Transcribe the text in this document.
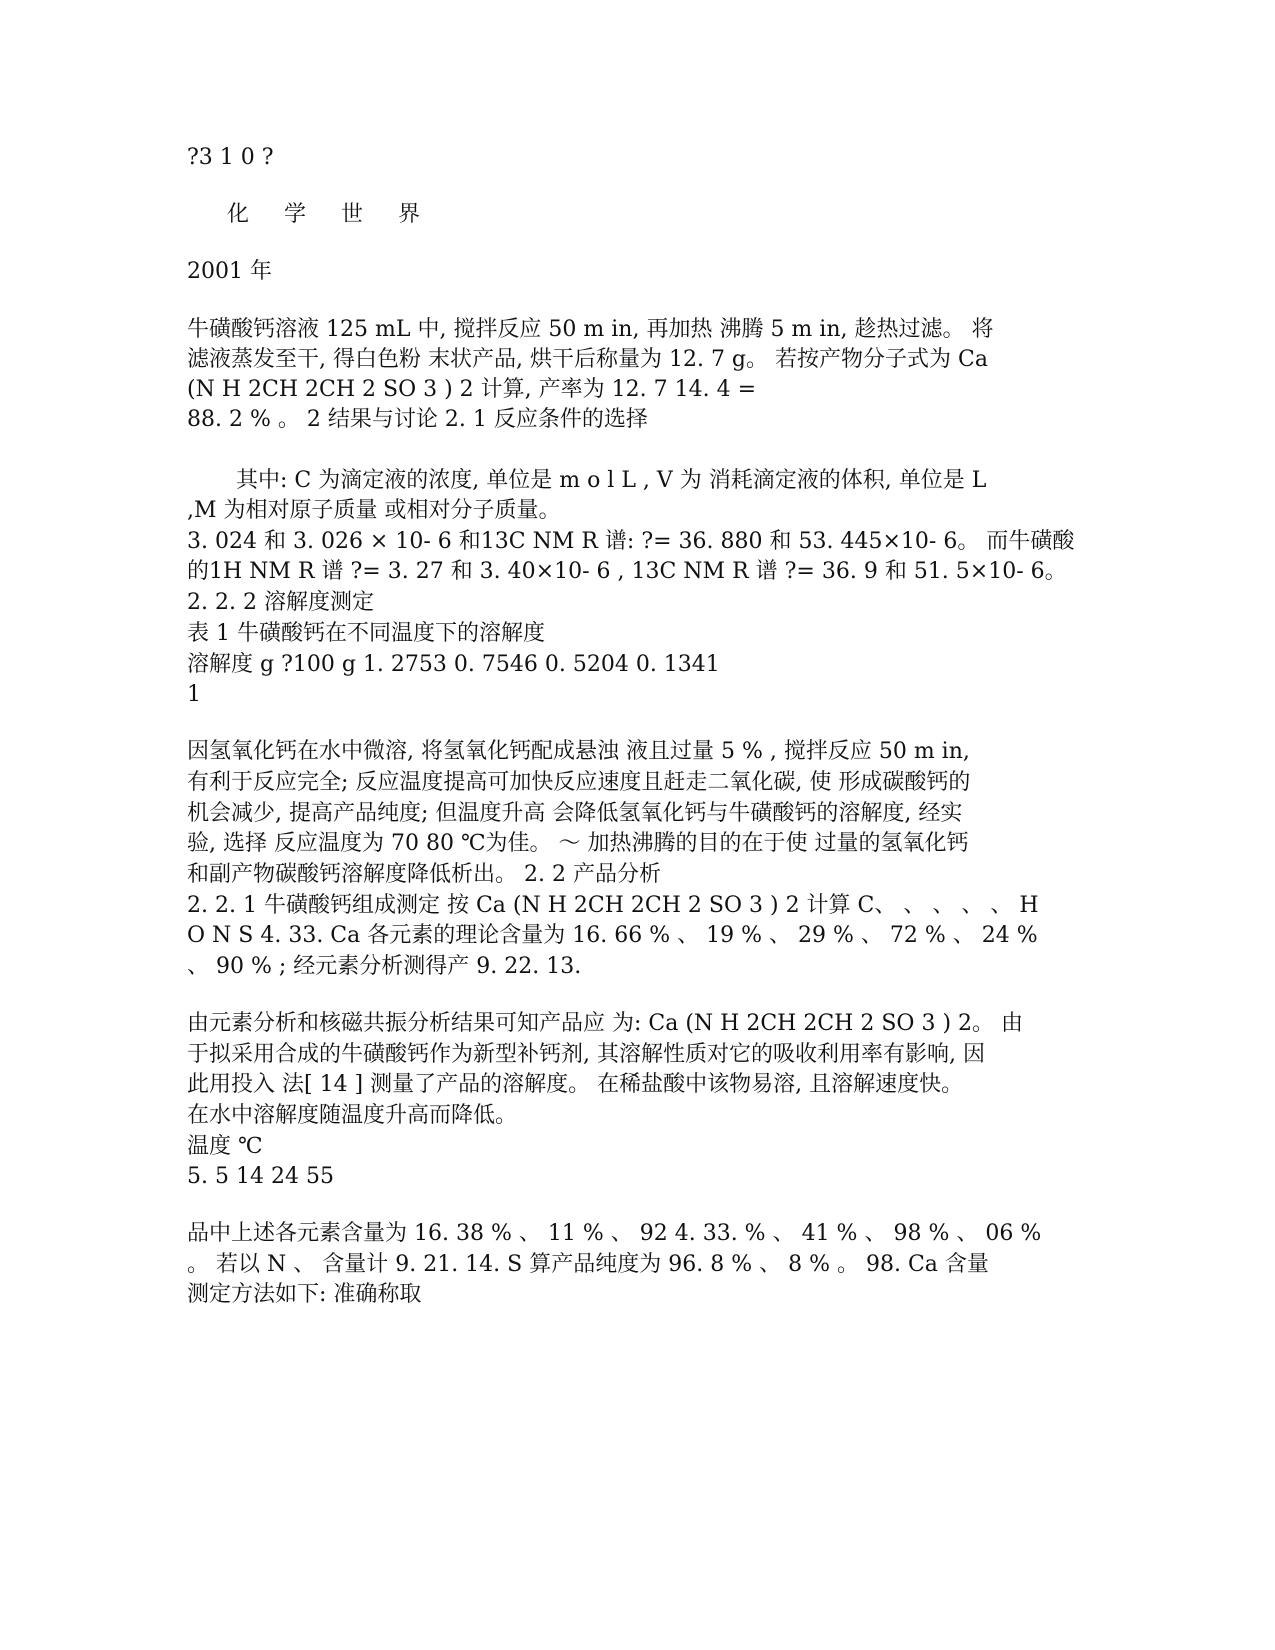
?3 1 0 ?

化 学 世 界

2001 年

牛磺酸钙溶液 125 mL 中, 搅拌反应 50 m in, 再加热 沸腾 5 m in, 趁热过滤。 将

滤液蒸发至干, 得白色粉 末状产品, 烘干后称量为 12. 7 g。 若按产物分子式为 Ca

(N H 2CH 2CH 2 SO 3 ) 2 计算, 产率为 12. 7 14. 4 =

88. 2 % 。 2 结果与讨论 2. 1 反应条件的选择

其中: C 为滴定液的浓度, 单位是 m o l L , V 为 消耗滴定液的体积, 单位是 L

,M 为相对原子质量 或相对分子质量。

3. 024 和 3. 026 × 10- 6 和13C NM R 谱: ?= 36. 880 和 53. 445×10- 6。 而牛磺酸

的1H NM R 谱 ?= 3. 27 和 3. 40×10- 6 , 13C NM R 谱 ?= 36. 9 和 51. 5×10- 6。

2. 2. 2 溶解度测定

表 1 牛磺酸钙在不同温度下的溶解度

溶解度 g ?100 g 1. 2753 0. 7546 0. 5204 0. 1341

1

因氢氧化钙在水中微溶, 将氢氧化钙配成悬浊 液且过量 5 % , 搅拌反应 50 m in,

有利于反应完全; 反应温度提高可加快反应速度且赶走二氧化碳, 使 形成碳酸钙的

机会减少, 提高产品纯度; 但温度升高 会降低氢氧化钙与牛磺酸钙的溶解度, 经实

验, 选择 反应温度为 70 80 ℃为佳。 ～ 加热沸腾的目的在于使 过量的氢氧化钙

和副产物碳酸钙溶解度降低析出。 2. 2 产品分析

2. 2. 1 牛磺酸钙组成测定 按 Ca (N H 2CH 2CH 2 SO 3 ) 2 计算 C、 、 、 、 、 H

O N S 4. 33. Ca 各元素的理论含量为 16. 66 % 、 19 % 、 29 % 、 72 % 、 24 %

、 90 % ; 经元素分析测得产 9. 22. 13.

由元素分析和核磁共振分析结果可知产品应 为: Ca (N H 2CH 2CH 2 SO 3 ) 2。 由

于拟采用合成的牛磺酸钙作为新型补钙剂, 其溶解性质对它的吸收利用率有影响, 因

此用投入 法[ 14 ] 测量了产品的溶解度。 在稀盐酸中该物易溶, 且溶解速度快。

在水中溶解度随温度升高而降低。

温度 ℃

5. 5 14 24 55

品中上述各元素含量为 16. 38 % 、 11 % 、 92 4. 33. % 、 41 % 、 98 % 、 06 %

。 若以 N 、 含量计 9. 21. 14. S 算产品纯度为 96. 8 % 、 8 % 。 98. Ca 含量

测定方法如下: 准确称取
